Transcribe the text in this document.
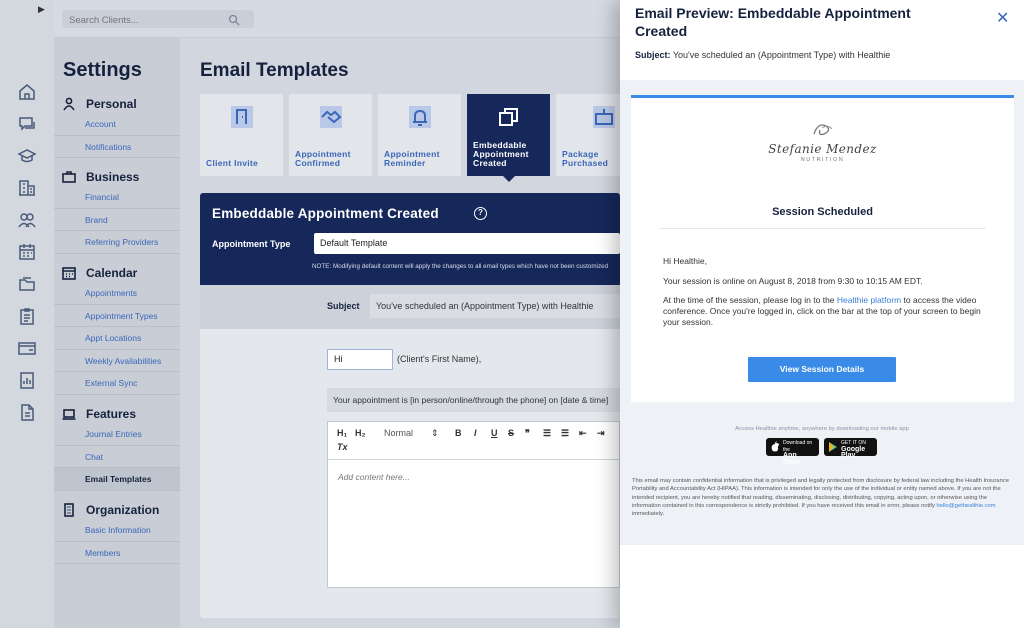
▶
Search Clients...
Settings
Personal
Account
Notifications
Business
Financial
Brand
Referring Providers
Calendar
Appointments
Appointment Types
Appt Locations
Weekly Availabilities
External Sync
Features
Journal Entries
Chat
Email Templates
Organization
Basic Information
Members
Email Templates
Client Invite
Appointment
Confirmed
Appointment
Reminder
Embeddable
Appointment
Created
Package
Purchased
Embeddable Appointment Created	?
Appointment Type	Default Template
NOTE: Modifying default content will apply the changes to all email types which have not been customized
Subject	You've scheduled an (Appointment Type) with Healthie
Hi	(Client's First Name),
Your appointment is [in person/online/through the phone] on [date & time]
H₁ H₂ Normal ⇕ B I U S ❞ ☰ ☰ ⇤ ⇥
Tx
Add content here...
Email Preview: Embeddable Appointment Created
✕
Subject: You've scheduled an (Appointment Type) with Healthie
Stefanie Mendez
NUTRITION
Session Scheduled
Hi Healthie,
Your session is online on August 8, 2018 from 9:30 to 10:15 AM EDT.
At the time of the session, please log in to the Healthie platform to access the video conference. Once you're logged in, click on the bar at the top of your screen to begin your session.
View Session Details
Access Healthie anytime, anywhere by downloading our mobile app
Download on the
App Store
GET IT ON
Google Play
This email may contain confidential information that is privileged and legally protected from disclosure by federal law including the Health Insurance Portability and Accountability Act (HIPAA). This information is intended for only the use of the individual or entity named above. If you are not the intended recipient, you are hereby notified that reading, disseminating, disclosing, distributing, copying, acting upon, or otherwise using the information contained in this correspondence is strictly prohibited. If you have received this email in error, please notify hello@gethealthie.com immediately.
